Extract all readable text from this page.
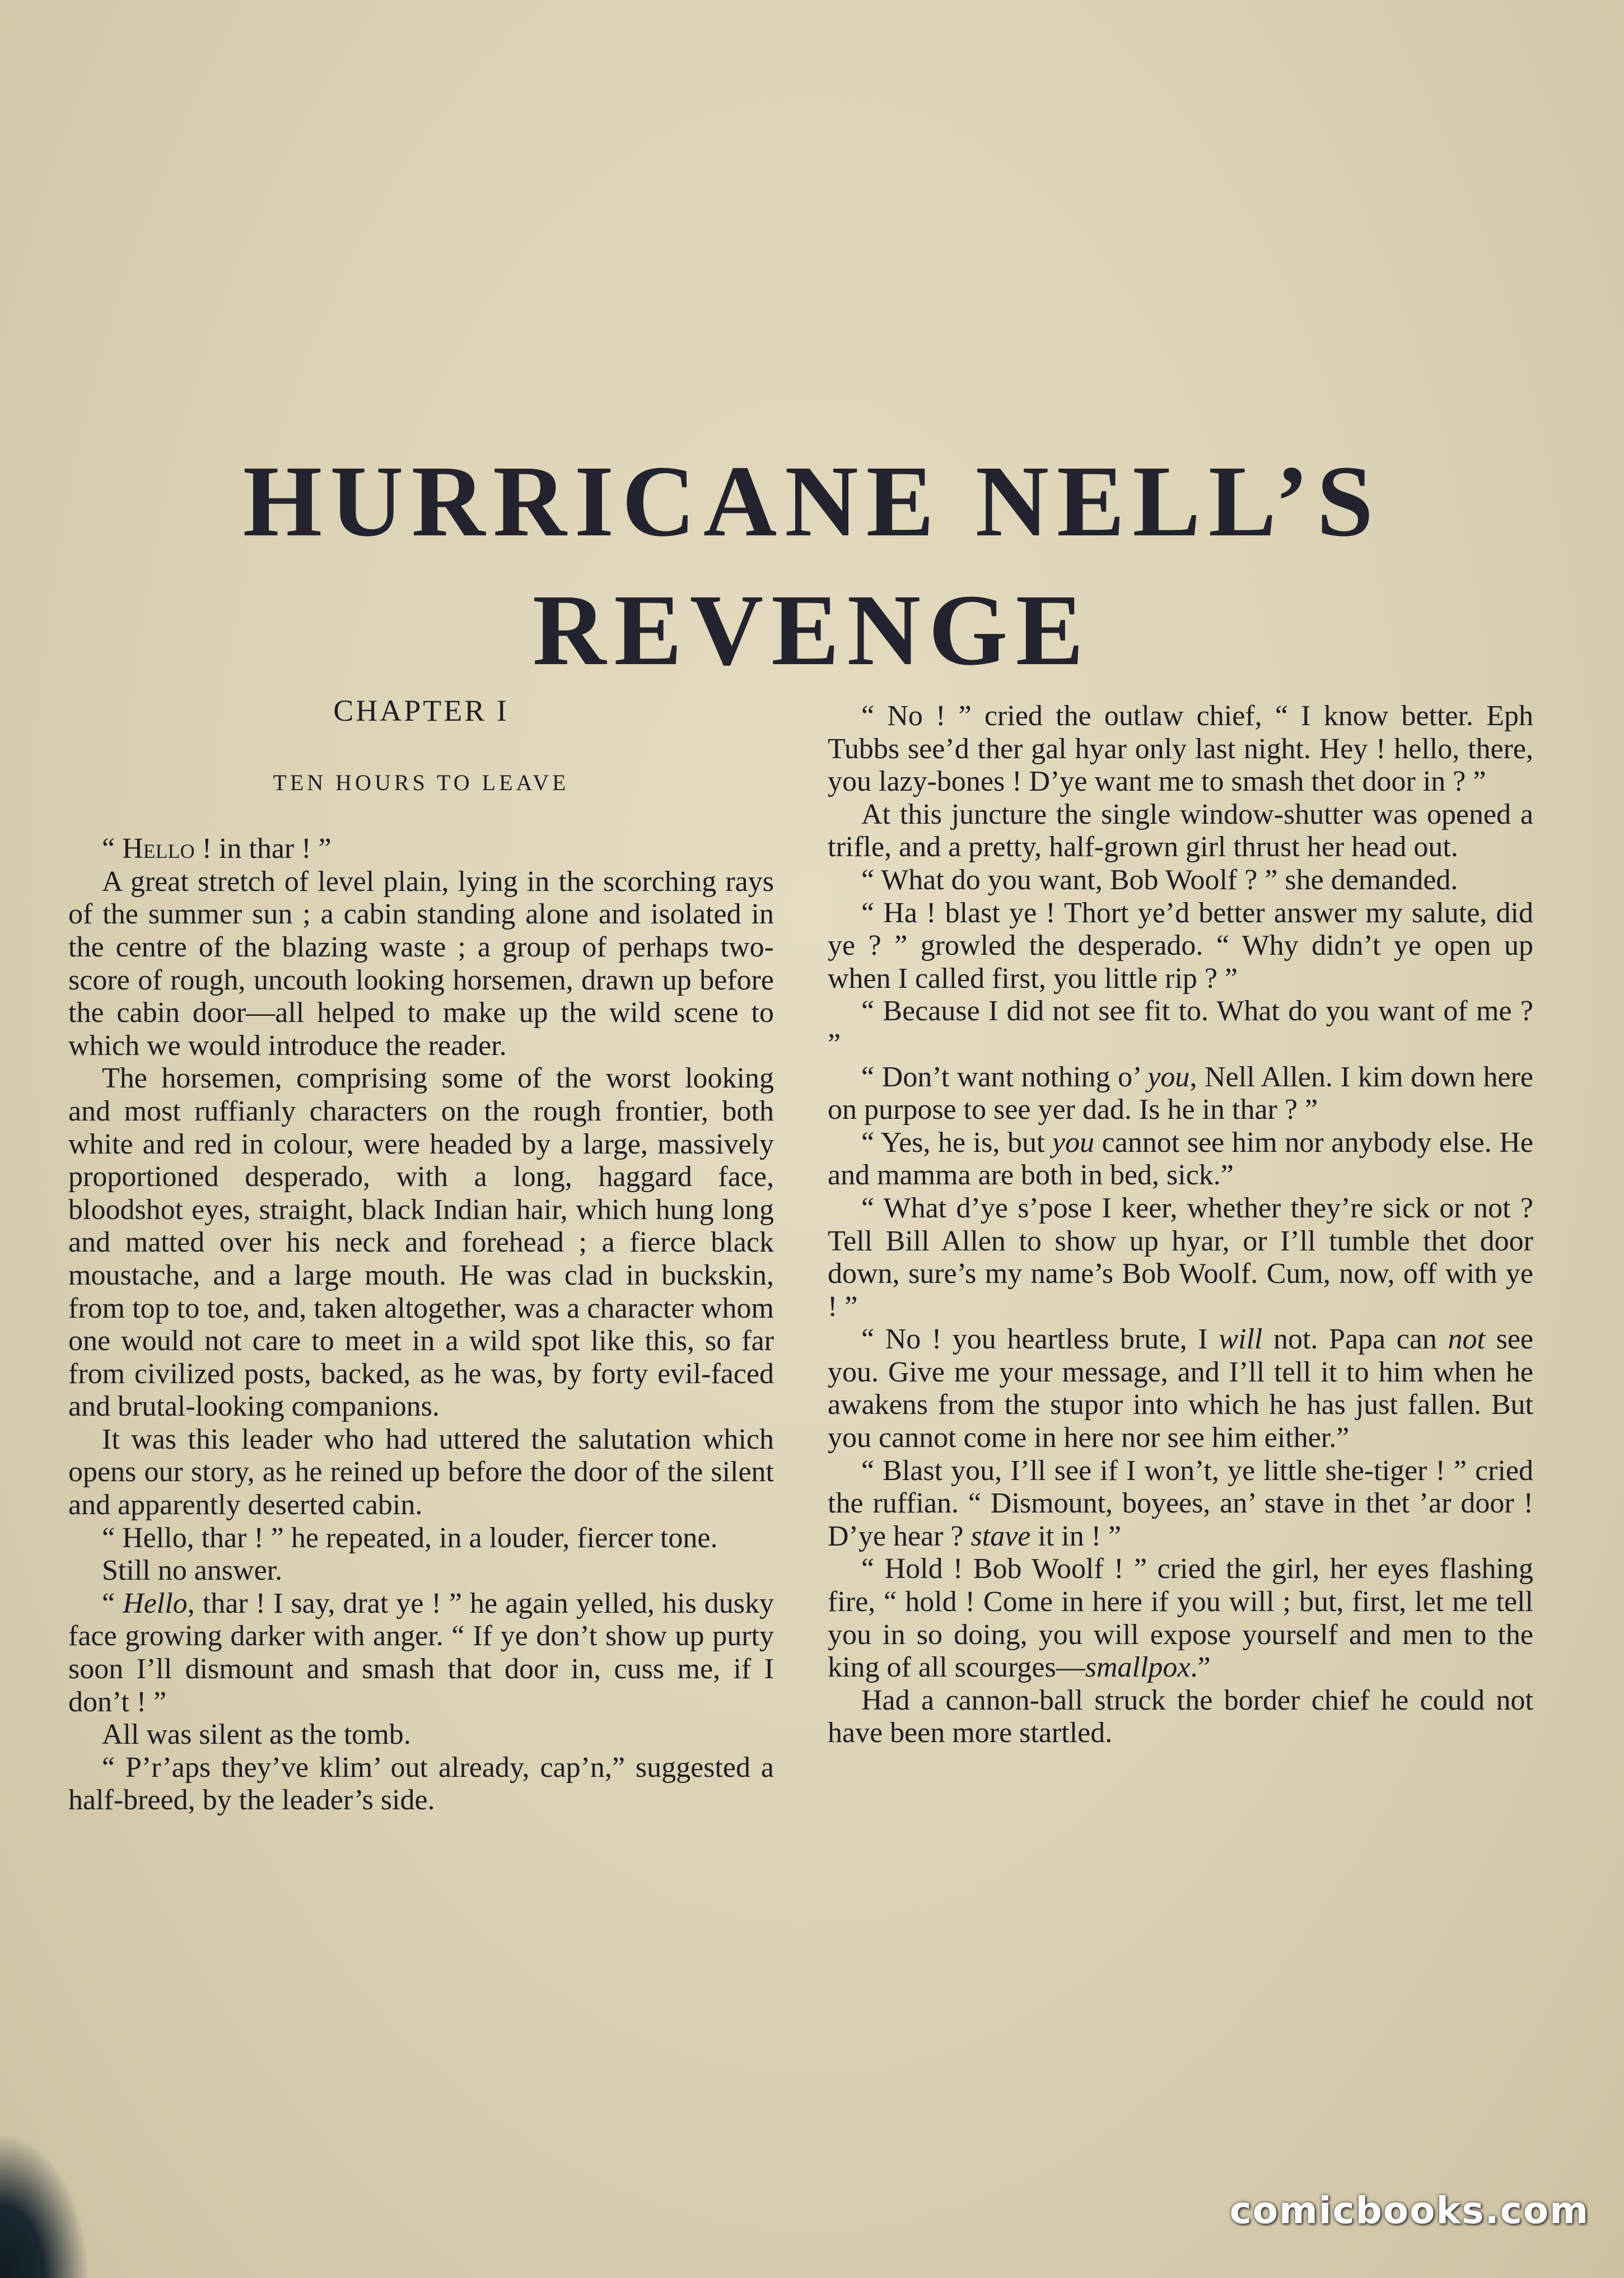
HURRICANE NELL’S
REVENGE
CHAPTER I
TEN HOURS TO LEAVE

“ Hello ! in thar ! ”

A great stretch of level plain, lying in the scorching rays of the summer sun ; a cabin standing alone and isolated in the centre of the blazing waste ; a group of perhaps two-score of rough, uncouth looking horsemen, drawn up before the cabin door—all helped to make up the wild scene to which we would introduce the reader.

The horsemen, comprising some of the worst looking and most ruffianly characters on the rough frontier, both white and red in colour, were headed by a large, massively proportioned desperado, with a long, haggard face, bloodshot eyes, straight, black Indian hair, which hung long and matted over his neck and forehead ; a fierce black moustache, and a large mouth. He was clad in buckskin, from top to toe, and, taken altogether, was a character whom one would not care to meet in a wild spot like this, so far from civilized posts, backed, as he was, by forty evil-faced and brutal-looking companions.

It was this leader who had uttered the salutation which opens our story, as he reined up before the door of the silent and apparently deserted cabin.

“ Hello, thar ! ” he repeated, in a louder, fiercer tone.

Still no answer.

“ Hello, thar ! I say, drat ye ! ” he again yelled, his dusky face growing darker with anger. “ If ye don’t show up purty soon I’ll dismount and smash that door in, cuss me, if I don’t ! ”

All was silent as the tomb.

“ P’r’aps they’ve klim’ out already, cap’n,” suggested a half-breed, by the leader’s side.

“ No ! ” cried the outlaw chief, “ I know better. Eph Tubbs see’d ther gal hyar only last night. Hey ! hello, there, you lazy-bones ! D’ye want me to smash thet door in ? ”

At this juncture the single window-shutter was opened a trifle, and a pretty, half-grown girl thrust her head out.

“ What do you want, Bob Woolf ? ” she demanded.

“ Ha ! blast ye ! Thort ye’d better answer my salute, did ye ? ” growled the desperado. “ Why didn’t ye open up when I called first, you little rip ? ”

“ Because I did not see fit to. What do you want of me ? ”

“ Don’t want nothing o’ you, Nell Allen. I kim down here on purpose to see yer dad. Is he in thar ? ”

“ Yes, he is, but you cannot see him nor anybody else. He and mamma are both in bed, sick.”

“ What d’ye s’pose I keer, whether they’re sick or not ? Tell Bill Allen to show up hyar, or I’ll tumble thet door down, sure’s my name’s Bob Woolf. Cum, now, off with ye ! ”

“ No ! you heartless brute, I will not. Papa can not see you. Give me your message, and I’ll tell it to him when he awakens from the stupor into which he has just fallen. But you cannot come in here nor see him either.”

“ Blast you, I’ll see if I won’t, ye little she-tiger ! ” cried the ruffian. “ Dismount, boyees, an’ stave in thet ’ar door ! D’ye hear ? stave it in ! ”

“ Hold ! Bob Woolf ! ” cried the girl, her eyes flashing fire, “ hold ! Come in here if you will ; but, first, let me tell you in so doing, you will expose yourself and men to the king of all scourges—smallpox.”

Had a cannon-ball struck the border chief he could not have been more startled.

comicbooks.com
